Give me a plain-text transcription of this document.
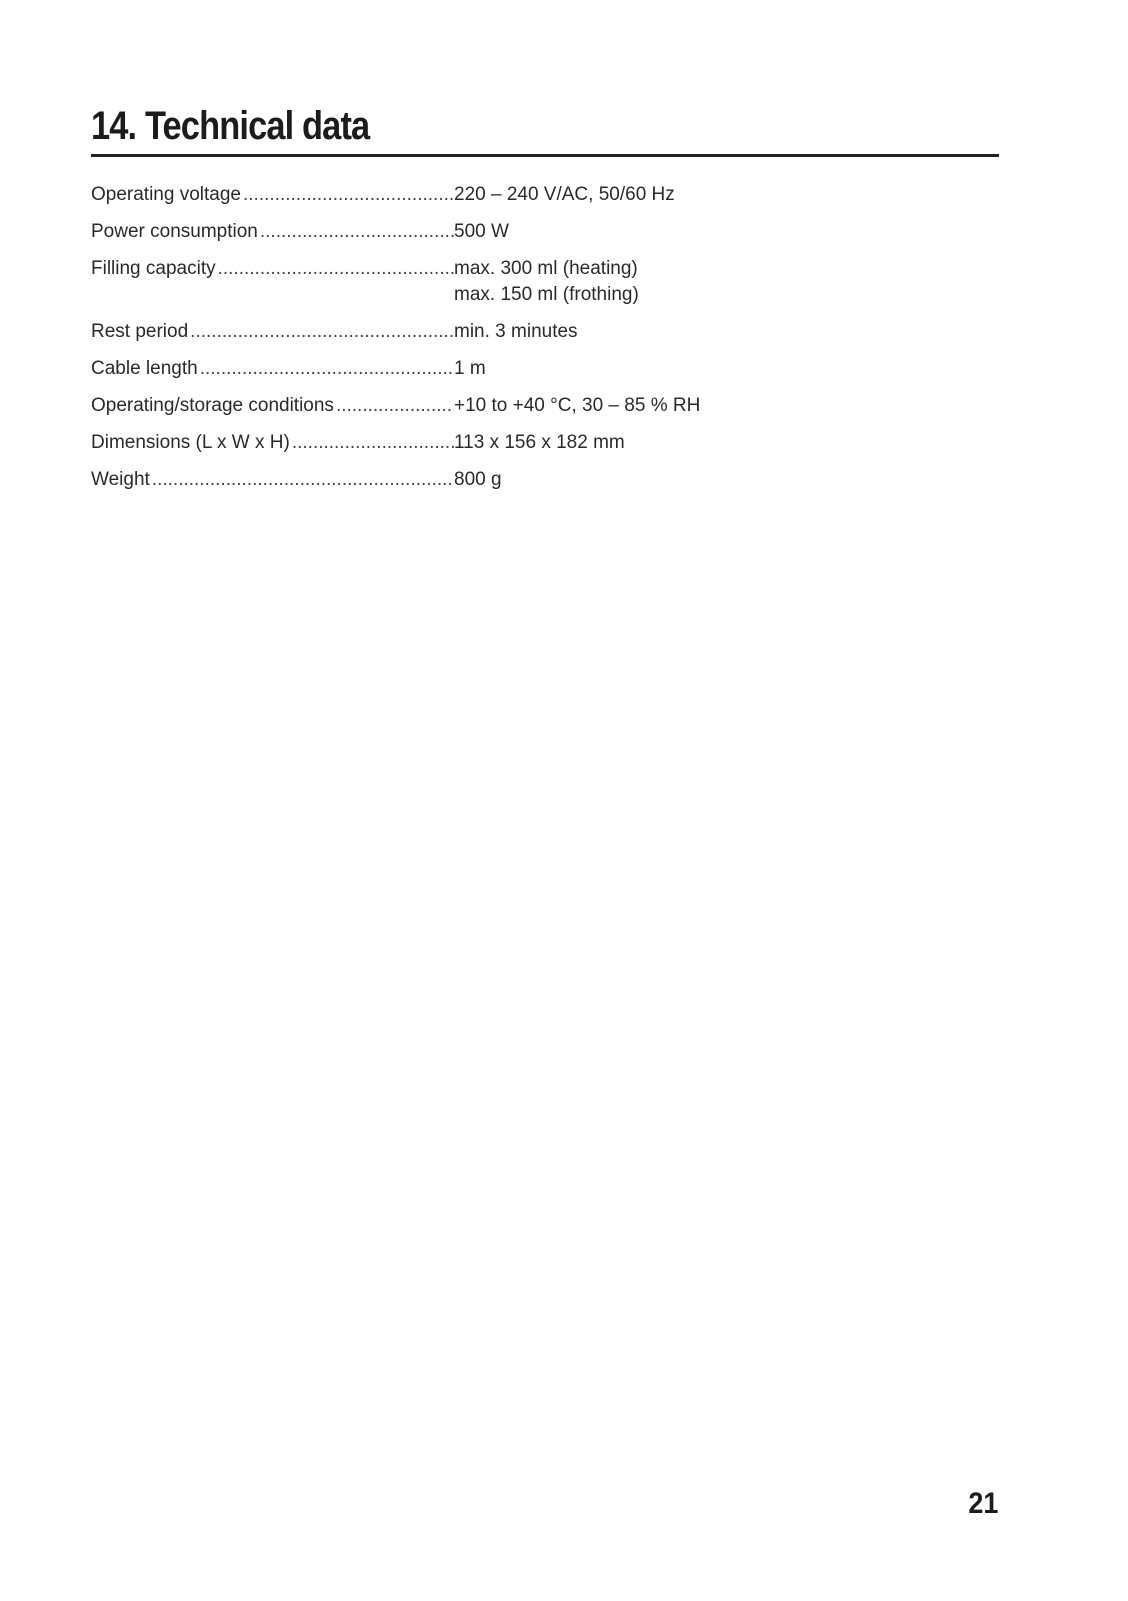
14. Technical data
Operating voltage .....	220 – 240 V/AC, 50/60 Hz
Power consumption .....	500 W
Filling capacity .....	max. 300 ml (heating)
max. 150 ml (frothing)
Rest period .....	min. 3 minutes
Cable length .....	1 m
Operating/storage conditions .....	+10 to +40 °C, 30 – 85 % RH
Dimensions (L x W x H) .....	113 x 156 x 182 mm
Weight .....	800 g
21
